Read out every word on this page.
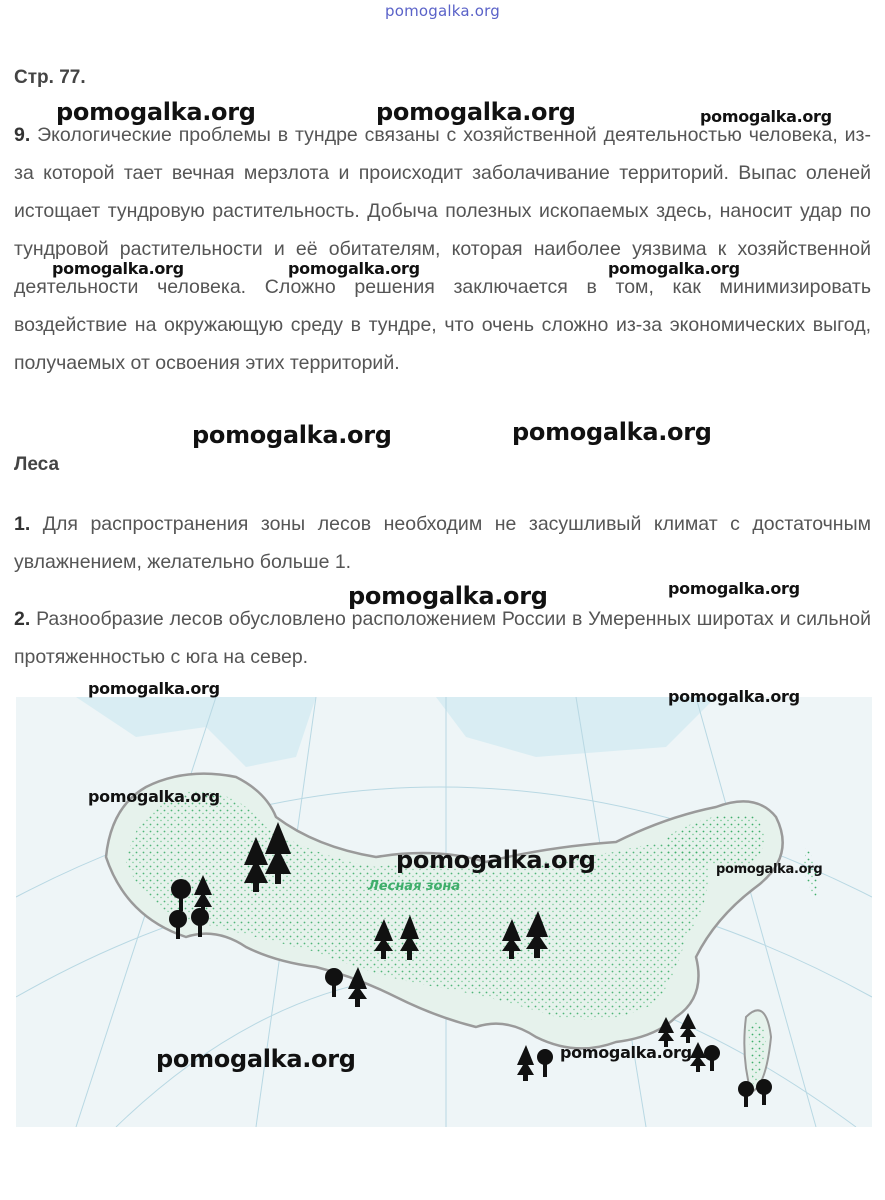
pomogalka.org
Стр. 77.
9. Экологические проблемы в тундре связаны с хозяйственной деятельностью человека, из-за которой тает вечная мерзлота и происходит заболачивание территорий. Выпас оленей истощает тундровую растительность. Добыча полезных ископаемых здесь, наносит удар по тундровой растительности и её обитателям, которая наиболее уязвима к хозяйственной деятельности человека. Сложно решения заключается в том, как минимизировать воздействие на окружающую среду в тундре, что очень сложно из-за экономических выгод, получаемых от освоения этих территорий.
Леса
1. Для распространения зоны лесов необходим не засушливый климат с достаточным увлажнением, желательно больше 1.
2. Разнообразие лесов обусловлено расположением России в Умеренных широтах и сильной протяженностью с юга на север.
Лесная зона
pomogalka.org	pomogalka.org	pomogalka.org
pomogalka.org	pomogalka.org	pomogalka.org
pomogalka.org	pomogalka.org
pomogalka.org
pomogalka.org
pomogalka.org	pomogalka.org
pomogalka.org
pomogalka.org	pomogalka.org
pomogalka.org	pomogalka.org
